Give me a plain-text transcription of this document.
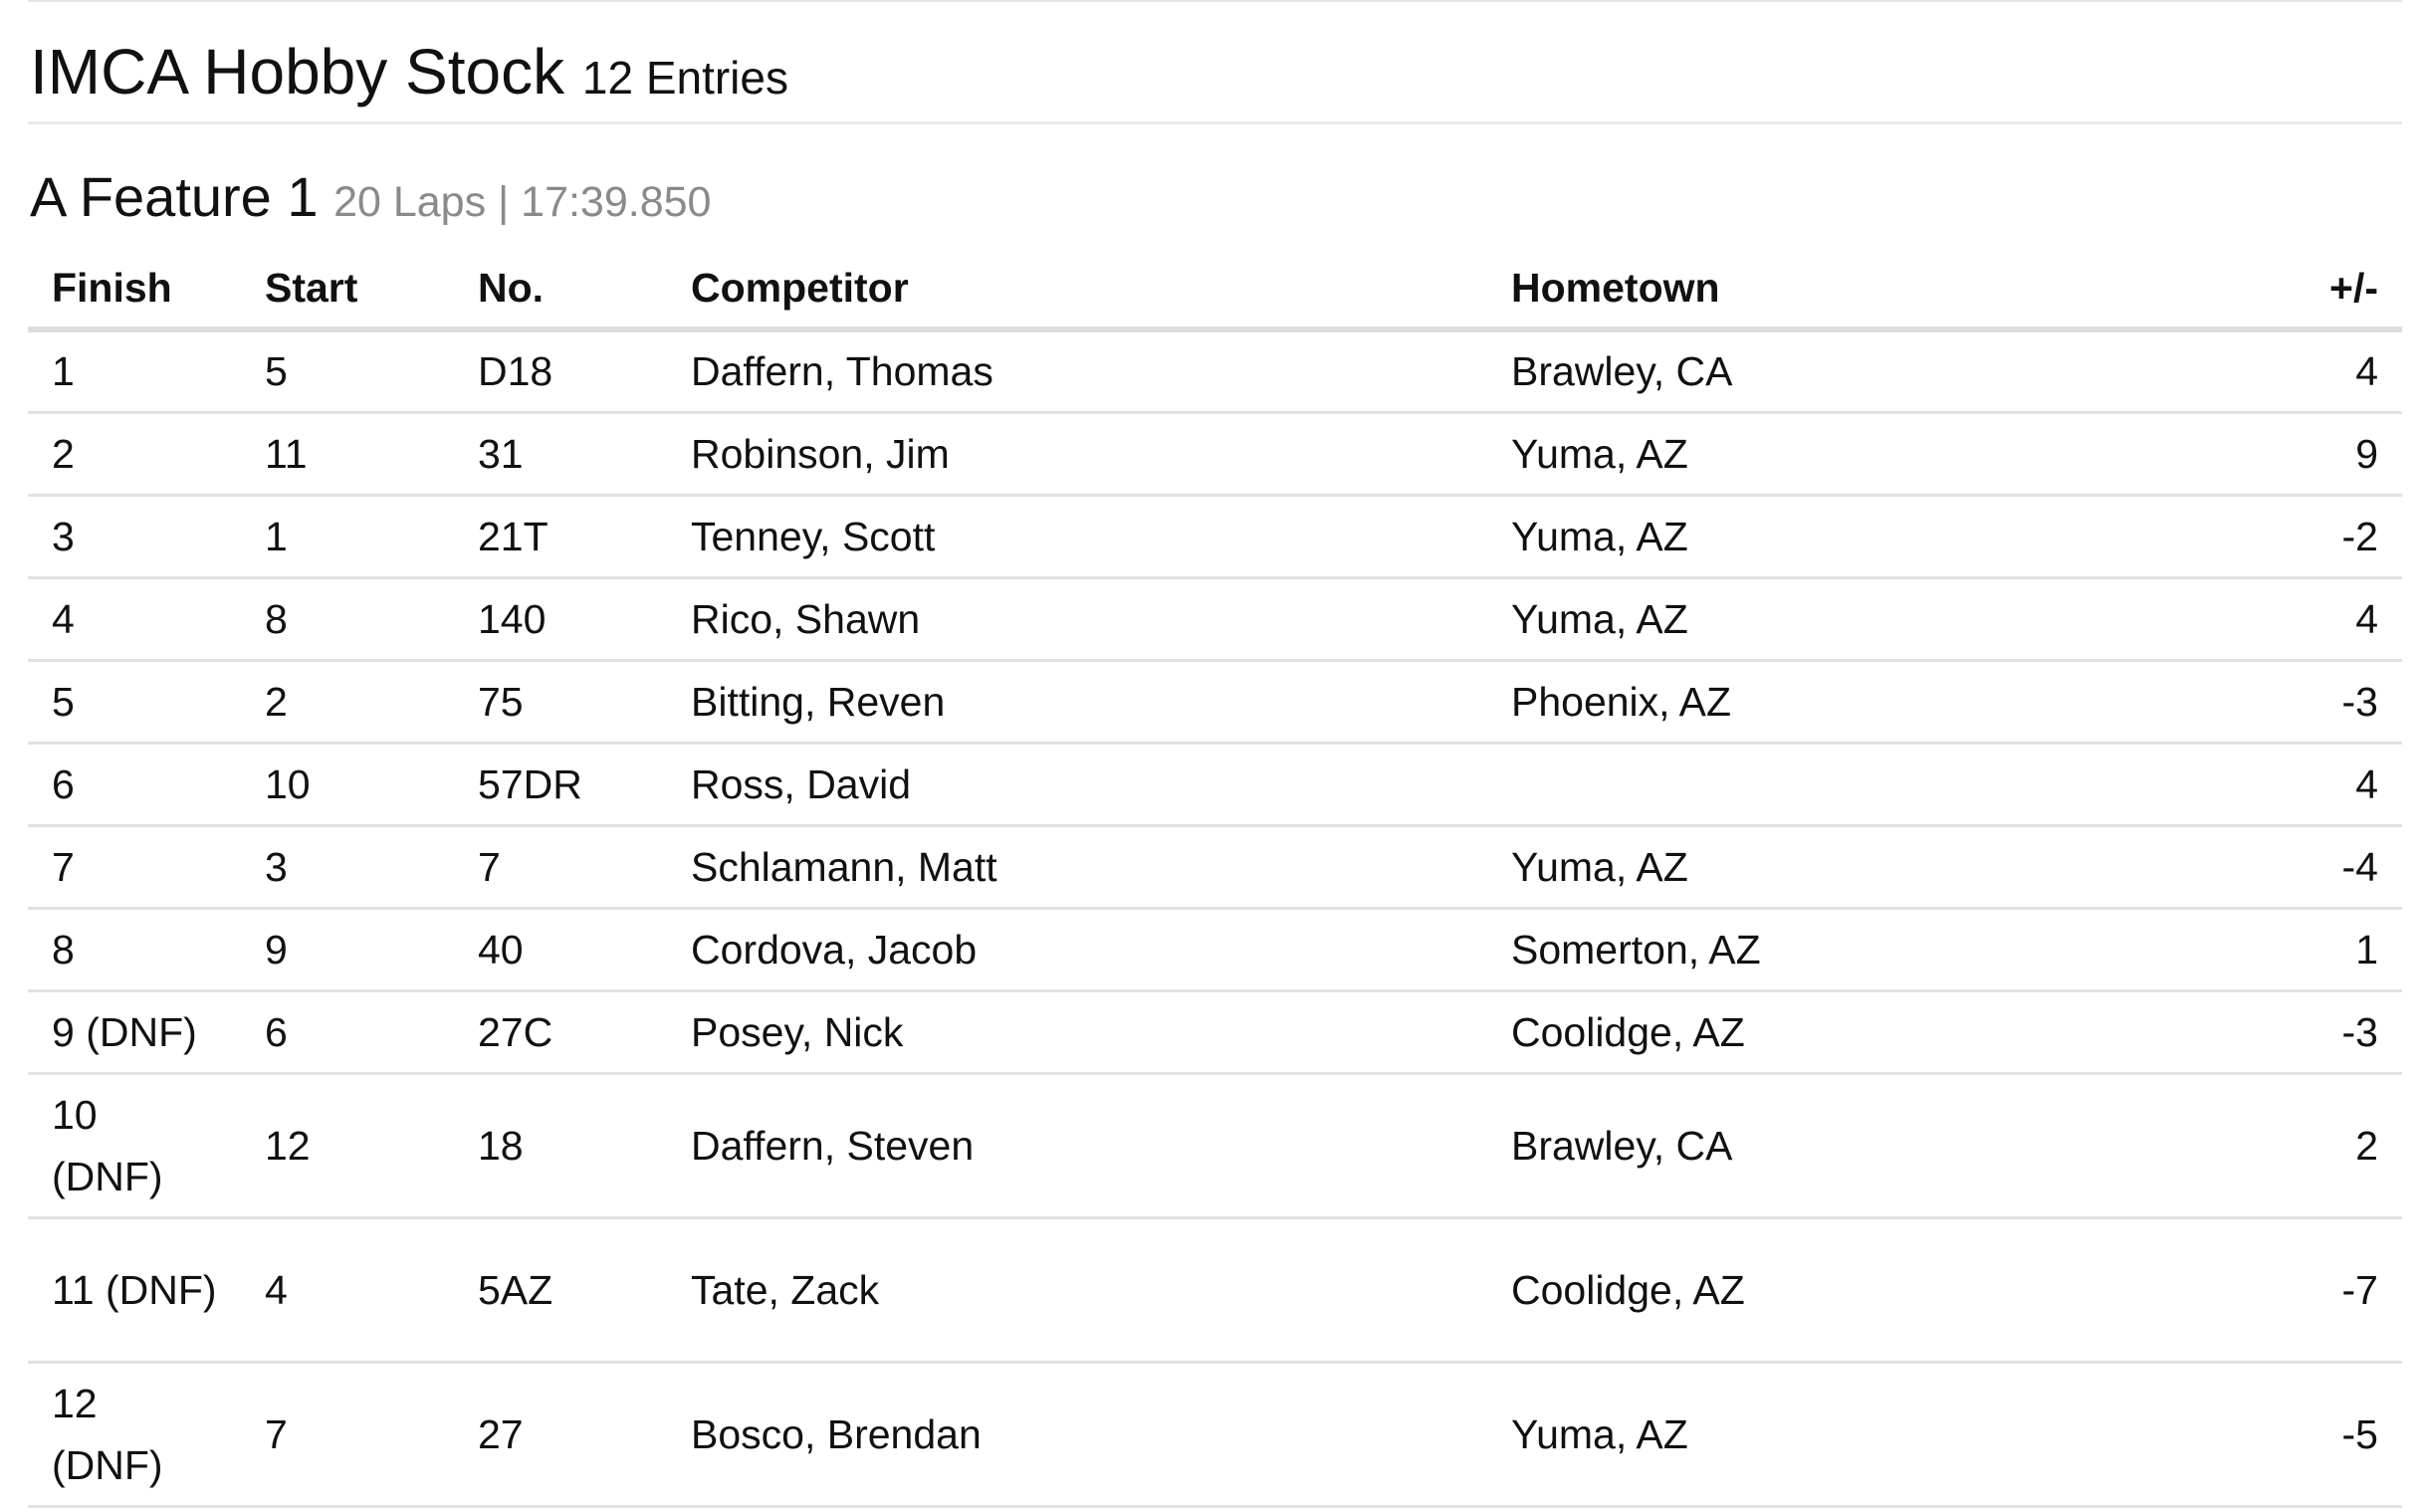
IMCA Hobby Stock 12 Entries
A Feature 1 20 Laps | 17:39.850
Finish	Start	No.	Competitor	Hometown	+/-
1	5	D18	Daffern, Thomas	Brawley, CA	4
2	11	31	Robinson, Jim	Yuma, AZ	9
3	1	21T	Tenney, Scott	Yuma, AZ	-2
4	8	140	Rico, Shawn	Yuma, AZ	4
5	2	75	Bitting, Reven	Phoenix, AZ	-3
6	10	57DR	Ross, David		4
7	3	7	Schlamann, Matt	Yuma, AZ	-4
8	9	40	Cordova, Jacob	Somerton, AZ	1
9 (DNF)	6	27C	Posey, Nick	Coolidge, AZ	-3
10 (DNF)	12	18	Daffern, Steven	Brawley, CA	2
11 (DNF)	4	5AZ	Tate, Zack	Coolidge, AZ	-7
12 (DNF)	7	27	Bosco, Brendan	Yuma, AZ	-5
